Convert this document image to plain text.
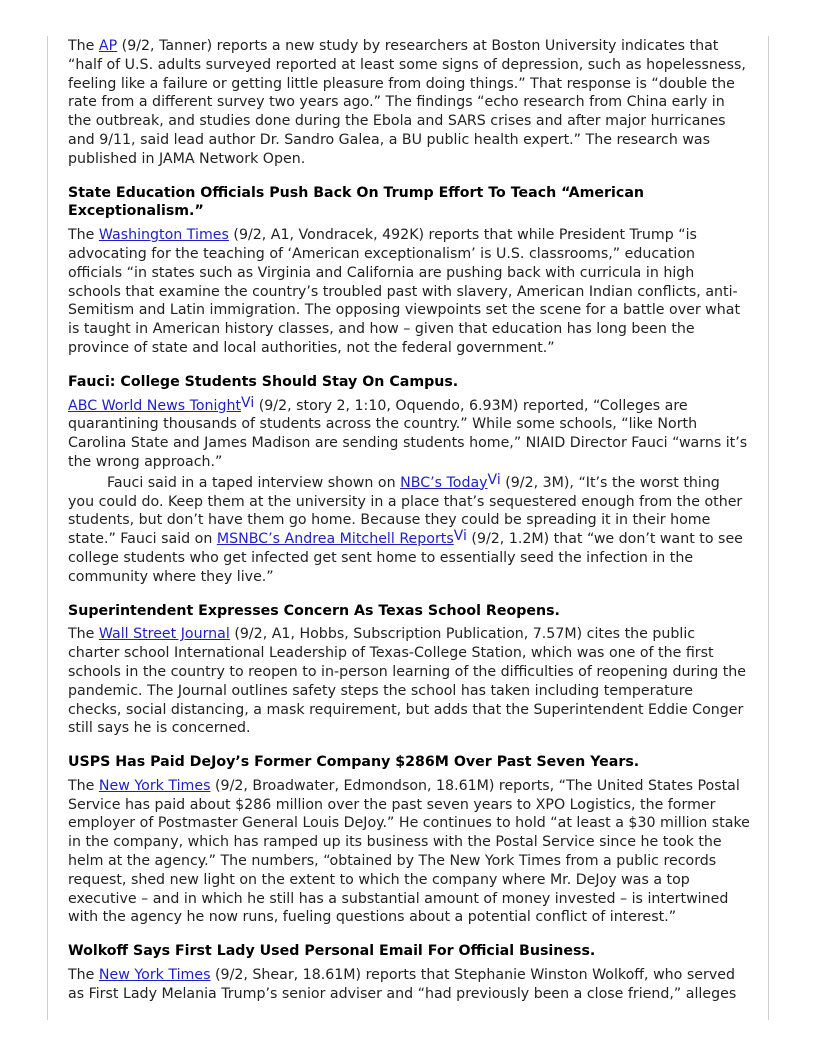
The AP (9/2, Tanner) reports a new study by researchers at Boston University indicates that “half of U.S. adults surveyed reported at least some signs of depression, such as hopelessness, feeling like a failure or getting little pleasure from doing things.” That response is “double the rate from a different survey two years ago.” The findings “echo research from China early in the outbreak, and studies done during the Ebola and SARS crises and after major hurricanes and 9/11, said lead author Dr. Sandro Galea, a BU public health expert.” The research was published in JAMA Network Open.

State Education Officials Push Back On Trump Effort To Teach “American Exceptionalism.”

The Washington Times (9/2, A1, Vondracek, 492K) reports that while President Trump “is advocating for the teaching of ‘American exceptionalism’ is U.S. classrooms,” education officials “in states such as Virginia and California are pushing back with curricula in high schools that examine the country’s troubled past with slavery, American Indian conflicts, anti-Semitism and Latin immigration. The opposing viewpoints set the scene for a battle over what is taught in American history classes, and how – given that education has long been the province of state and local authorities, not the federal government.”

Fauci: College Students Should Stay On Campus.

ABC World News TonightVi (9/2, story 2, 1:10, Oquendo, 6.93M) reported, “Colleges are quarantining thousands of students across the country.” While some schools, “like North Carolina State and James Madison are sending students home,” NIAID Director Fauci “warns it’s the wrong approach.”

Fauci said in a taped interview shown on NBC’s TodayVi (9/2, 3M), “It’s the worst thing you could do. Keep them at the university in a place that’s sequestered enough from the other students, but don’t have them go home. Because they could be spreading it in their home state.” Fauci said on MSNBC’s Andrea Mitchell ReportsVi (9/2, 1.2M) that “we don’t want to see college students who get infected get sent home to essentially seed the infection in the community where they live.”

Superintendent Expresses Concern As Texas School Reopens.

The Wall Street Journal (9/2, A1, Hobbs, Subscription Publication, 7.57M) cites the public charter school International Leadership of Texas-College Station, which was one of the first schools in the country to reopen to in-person learning of the difficulties of reopening during the pandemic. The Journal outlines safety steps the school has taken including temperature checks, social distancing, a mask requirement, but adds that the Superintendent Eddie Conger still says he is concerned.

USPS Has Paid DeJoy’s Former Company $286M Over Past Seven Years.

The New York Times (9/2, Broadwater, Edmondson, 18.61M) reports, “The United States Postal Service has paid about $286 million over the past seven years to XPO Logistics, the former employer of Postmaster General Louis DeJoy.” He continues to hold “at least a $30 million stake in the company, which has ramped up its business with the Postal Service since he took the helm at the agency.” The numbers, “obtained by The New York Times from a public records request, shed new light on the extent to which the company where Mr. DeJoy was a top executive – and in which he still has a substantial amount of money invested – is intertwined with the agency he now runs, fueling questions about a potential conflict of interest.”

Wolkoff Says First Lady Used Personal Email For Official Business.

The New York Times (9/2, Shear, 18.61M) reports that Stephanie Winston Wolkoff, who served as First Lady Melania Trump’s senior adviser and “had previously been a close friend,” alleges
